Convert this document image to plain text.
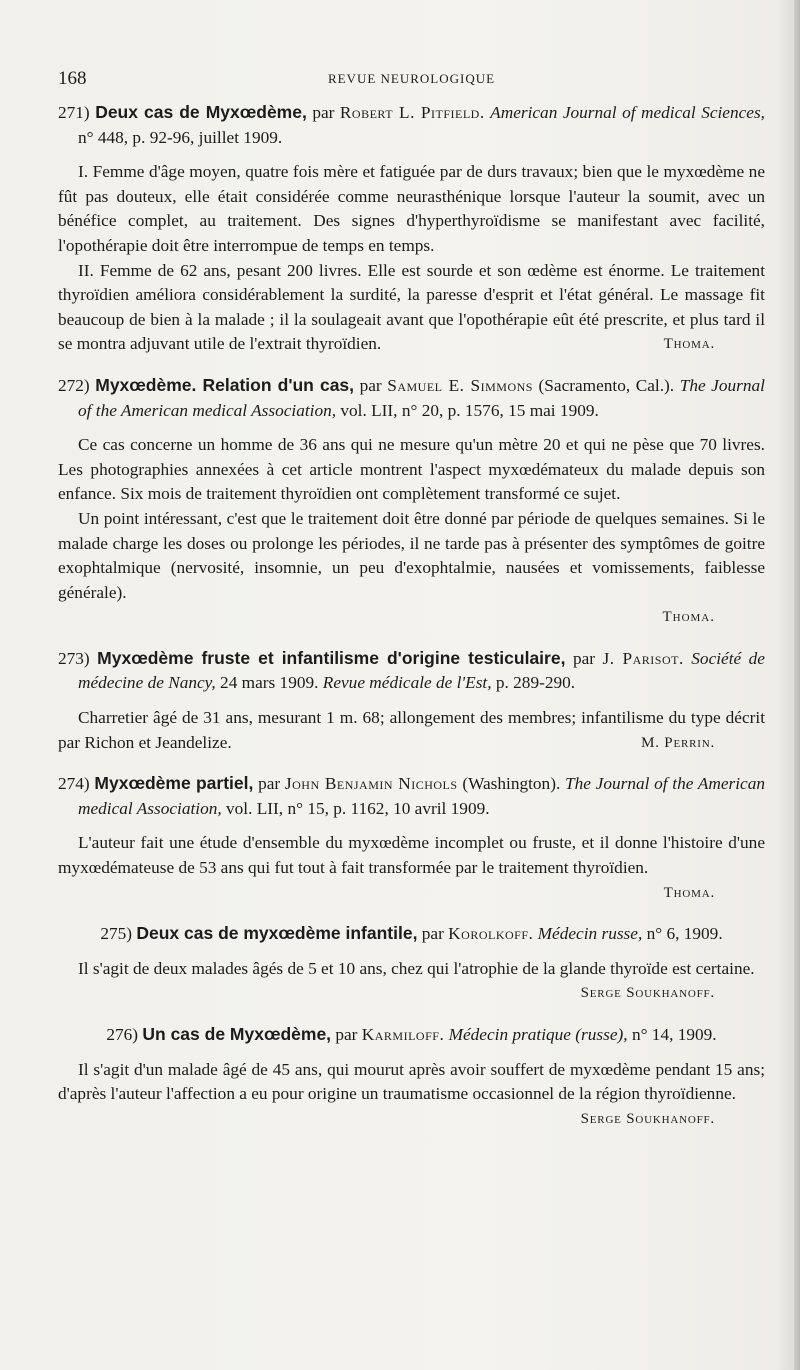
168	REVUE NEUROLOGIQUE
271) Deux cas de Myxœdème, par Robert L. Pitfield. American Journal of medical Sciences, n° 448, p. 92-96, juillet 1909.

I. Femme d'âge moyen, quatre fois mère et fatiguée par de durs travaux; bien que le myxœdème ne fût pas douteux, elle était considérée comme neurasthénique lorsque l'auteur la soumit, avec un bénéfice complet, au traitement. Des signes d'hyperthyroïdisme se manifestant avec facilité, l'opothérapie doit être interrompue de temps en temps.

II. Femme de 62 ans, pesant 200 livres. Elle est sourde et son œdème est énorme. Le traitement thyroïdien améliora considérablement la surdité, la paresse d'esprit et l'état général. Le massage fit beaucoup de bien à la malade ; il la soulageait avant que l'opothérapie eût été prescrite, et plus tard il se montra adjuvant utile de l'extrait thyroïdien.	Thoma.

272) Myxœdème. Relation d'un cas, par Samuel E. Simmons (Sacramento, Cal.). The Journal of the American medical Association, vol. LII, n° 20, p. 1576, 15 mai 1909.

Ce cas concerne un homme de 36 ans qui ne mesure qu'un mètre 20 et qui ne pèse que 70 livres. Les photographies annexées à cet article montrent l'aspect myxœdémateux du malade depuis son enfance. Six mois de traitement thyroïdien ont complètement transformé ce sujet.

Un point intéressant, c'est que le traitement doit être donné par période de quelques semaines. Si le malade charge les doses ou prolonge les périodes, il ne tarde pas à présenter des symptômes de goitre exophtalmique (nervosité, insomnie, un peu d'exophtalmie, nausées et vomissements, faiblesse générale).

Thoma.
273) Myxœdème fruste et infantilisme d'origine testiculaire, par J. Parisot. Société de médecine de Nancy, 24 mars 1909. Revue médicale de l'Est, p. 289-290.

Charretier âgé de 31 ans, mesurant 1 m. 68; allongement des membres; infantilisme du type décrit par Richon et Jeandelize.	M. Perrin.

274) Myxœdème partiel, par John Benjamin Nichols (Washington). The Journal of the American medical Association, vol. LII, n° 15, p. 1162, 10 avril 1909.

L'auteur fait une étude d'ensemble du myxœdème incomplet ou fruste, et il donne l'histoire d'une myxœdémateuse de 53 ans qui fut tout à fait transformée par le traitement thyroïdien.
Thoma.

275) Deux cas de myxœdème infantile, par Korolkoff. Médecin russe, n° 6, 1909.

Il s'agit de deux malades âgés de 5 et 10 ans, chez qui l'atrophie de la glande thyroïde est certaine.
Serge Soukhanoff.

276) Un cas de Myxœdème, par Karmiloff. Médecin pratique (russe), n° 14, 1909.

Il s'agit d'un malade âgé de 45 ans, qui mourut après avoir souffert de myxœdème pendant 15 ans; d'après l'auteur l'affection a eu pour origine un traumatisme occasionnel de la région thyroïdienne.
Serge Soukhanoff.
